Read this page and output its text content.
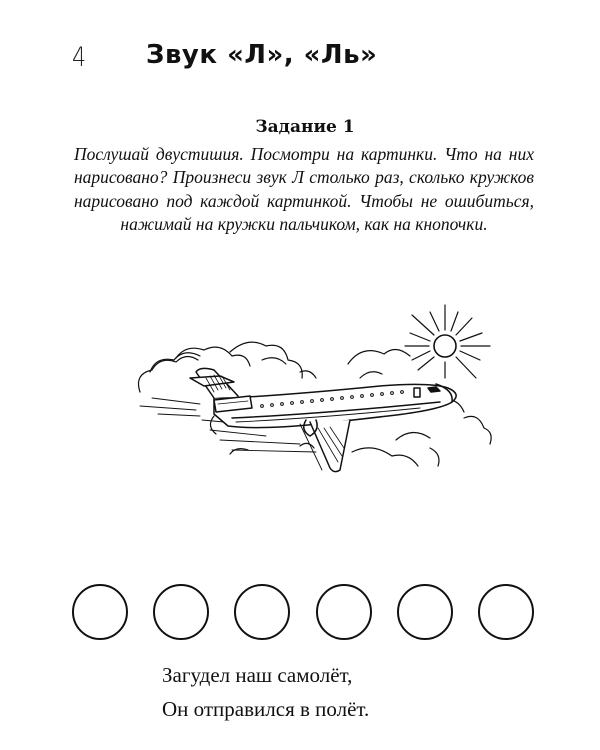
4 Звук «Л», «Ль»
Задание 1
Послушай двустишия. Посмотри на картинки. Что на них нарисовано? Произнеси звук Л столько раз, сколько кружков нарисовано под каждой картинкой. Чтобы не ошибиться, нажимай на кружки пальчиком, как на кнопочки.
Загудел наш самолёт,
Он отправился в полёт.
